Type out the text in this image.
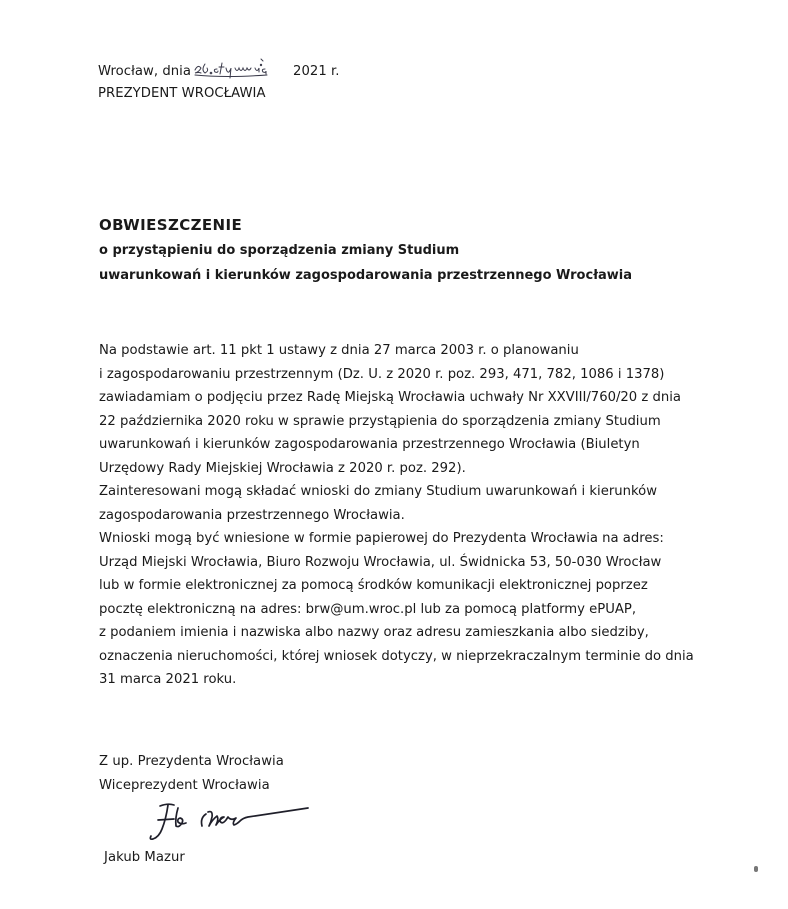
Wrocław, dnia	2021 r.
PREZYDENT WROCŁAWIA
OBWIESZCZENIE
o przystąpieniu do sporządzenia zmiany Studium
uwarunkowań i kierunków zagospodarowania przestrzennego Wrocławia
Na podstawie art. 11 pkt 1 ustawy z dnia 27 marca 2003 r. o planowaniu
i zagospodarowaniu przestrzennym (Dz. U. z 2020 r. poz. 293, 471, 782, 1086 i 1378)
zawiadamiam o podjęciu przez Radę Miejską Wrocławia uchwały Nr XXVIII/760/20 z dnia
22 października 2020 roku w sprawie przystąpienia do sporządzenia zmiany Studium
uwarunkowań i kierunków zagospodarowania przestrzennego Wrocławia (Biuletyn
Urzędowy Rady Miejskiej Wrocławia z 2020 r. poz. 292).
Zainteresowani mogą składać wnioski do zmiany Studium uwarunkowań i kierunków
zagospodarowania przestrzennego Wrocławia.
Wnioski mogą być wniesione w formie papierowej do Prezydenta Wrocławia na adres:
Urząd Miejski Wrocławia, Biuro Rozwoju Wrocławia, ul. Świdnicka 53, 50-030 Wrocław
lub w formie elektronicznej za pomocą środków komunikacji elektronicznej poprzez
pocztę elektroniczną na adres: brw@um.wroc.pl lub za pomocą platformy ePUAP,
z podaniem imienia i nazwiska albo nazwy oraz adresu zamieszkania albo siedziby,
oznaczenia nieruchomości, której wniosek dotyczy, w nieprzekraczalnym terminie do dnia
31 marca 2021 roku.
Z up. Prezydenta Wrocławia
Wiceprezydent Wrocławia
Jakub Mazur
